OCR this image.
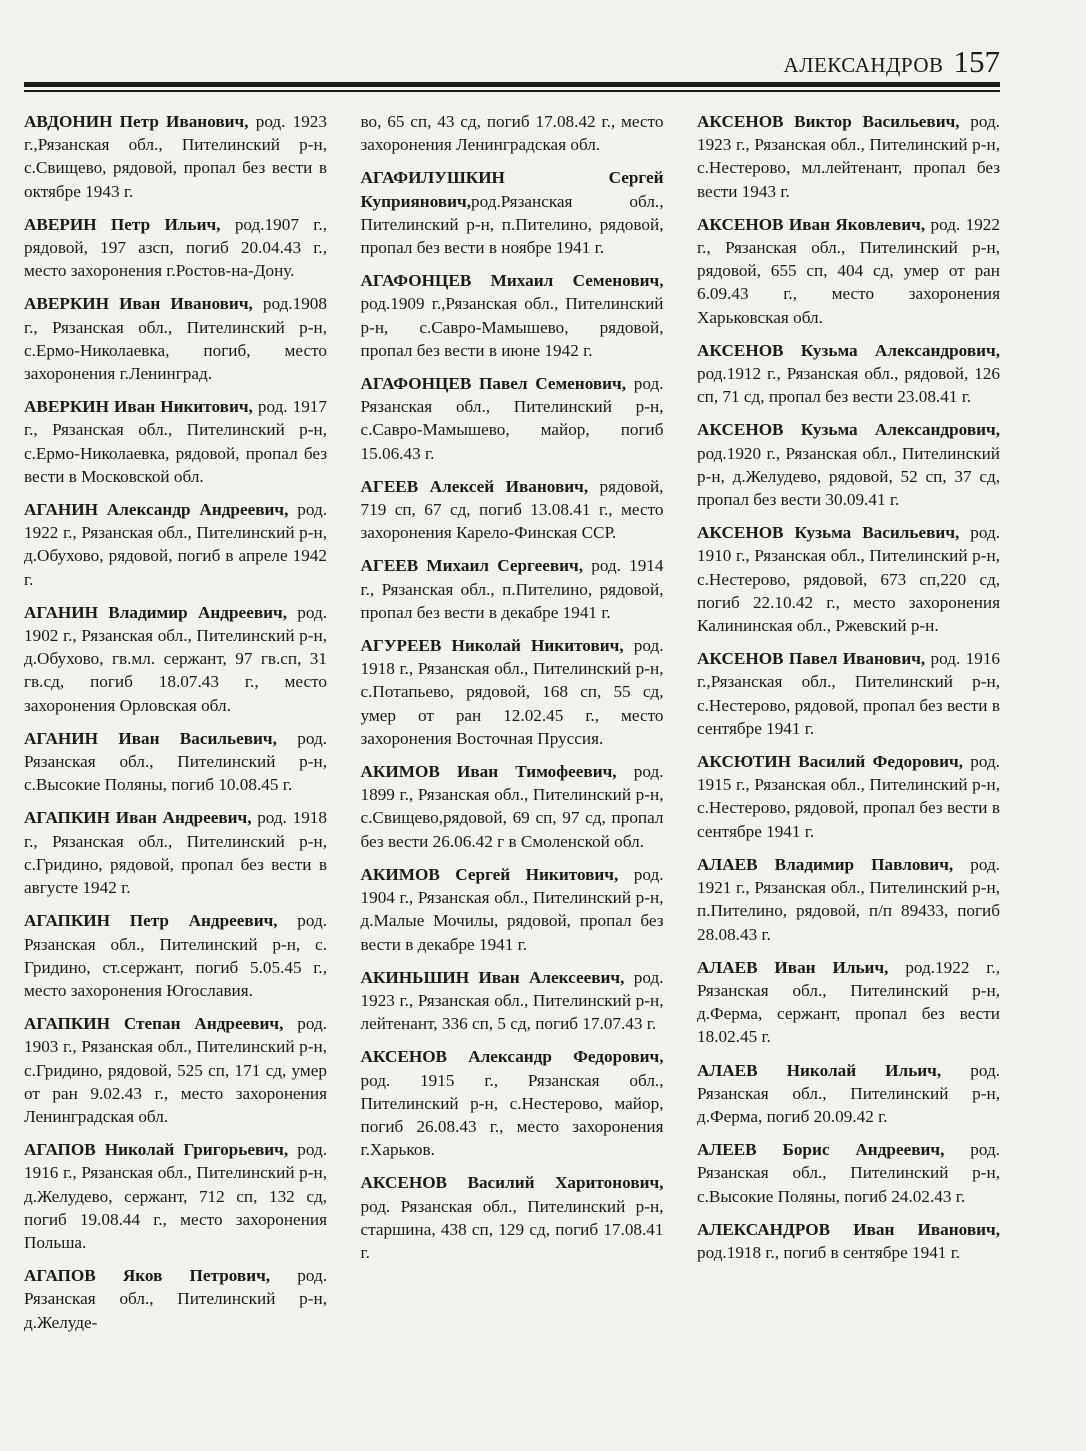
АЛЕКСАНДРОВ 157

АВДОНИН Петр Иванович, род. 1923 г.,Рязанская обл., Пителинский р-н, с.Свищево, рядовой, пропал без вести в октябре 1943 г.

АВЕРИН Петр Ильич, род.1907 г., рядовой, 197 азсп, погиб 20.04.43 г., место захоронения г.Ростов-на-Дону.

АВЕРКИН Иван Иванович, род.1908 г., Рязанская обл., Пителинский р-н, с.Ермо-Николаевка, погиб, место захоронения г.Ленинград.

АВЕРКИН Иван Никитович, род. 1917 г., Рязанская обл., Пителинский р-н, с.Ермо-Николаевка, рядовой, пропал без вести в Московской обл.

АГАНИН Александр Андреевич, род. 1922 г., Рязанская обл., Пителинский р-н, д.Обухово, рядовой, погиб в апреле 1942 г.

АГАНИН Владимир Андреевич, род. 1902 г., Рязанская обл., Пителинский р-н, д.Обухово, гв.мл. сержант, 97 гв.сп, 31 гв.сд, погиб 18.07.43 г., место захоронения Орловская обл.

АГАНИН Иван Васильевич, род. Рязанская обл., Пителинский р-н, с.Высокие Поляны, погиб 10.08.45 г.

АГАПКИН Иван Андреевич, род. 1918 г., Рязанская обл., Пителинский р-н, с.Гридино, рядовой, пропал без вести в августе 1942 г.

АГАПКИН Петр Андреевич, род. Рязанская обл., Пителинский р-н, с. Гридино, ст.сержант, погиб 5.05.45 г., место захоронения Югославия.

АГАПКИН Степан Андреевич, род. 1903 г., Рязанская обл., Пителинский р-н, с.Гридино, рядовой, 525 сп, 171 сд, умер от ран 9.02.43 г., место захоронения Ленинградская обл.

АГАПОВ Николай Григорьевич, род. 1916 г., Рязанская обл., Пителинский р-н, д.Желудево, сержант, 712 сп, 132 сд, погиб 19.08.44 г., место захоронения Польша.

АГАПОВ Яков Петрович, род. Рязанская обл., Пителинский р-н, д.Желуде-

во, 65 сп, 43 сд, погиб 17.08.42 г., место захоронения Ленинградская обл.

АГАФИЛУШКИН Сергей Куприянович,род.Рязанская обл., Пителинский р-н, п.Пителино, рядовой, пропал без вести в ноябре 1941 г.

АГАФОНЦЕВ Михаил Семенович, род.1909 г.,Рязанская обл., Пителинский р-н, с.Савро-Мамышево, рядовой, пропал без вести в июне 1942 г.

АГАФОНЦЕВ Павел Семенович, род. Рязанская обл., Пителинский р-н, с.Савро-Мамышево, майор, погиб 15.06.43 г.

АГЕЕВ Алексей Иванович, рядовой, 719 сп, 67 сд, погиб 13.08.41 г., место захоронения Карело-Финская ССР.

АГЕЕВ Михаил Сергеевич, род. 1914 г., Рязанская обл., п.Пителино, рядовой, пропал без вести в декабре 1941 г.

АГУРЕЕВ Николай Никитович, род. 1918 г., Рязанская обл., Пителинский р-н, с.Потапьево, рядовой, 168 сп, 55 сд, умер от ран 12.02.45 г., место захоронения Восточная Пруссия.

АКИМОВ Иван Тимофеевич, род. 1899 г., Рязанская обл., Пителинский р-н, с.Свищево,рядовой, 69 сп, 97 сд, пропал без вести 26.06.42 г в Смоленской обл.

АКИМОВ Сергей Никитович, род. 1904 г., Рязанская обл., Пителинский р-н, д.Малые Мочилы, рядовой, пропал без вести в декабре 1941 г.

АКИНЬШИН Иван Алексеевич, род. 1923 г., Рязанская обл., Пителинский р-н, лейтенант, 336 сп, 5 сд, погиб 17.07.43 г.

АКСЕНОВ Александр Федорович, род. 1915 г., Рязанская обл., Пителинский р-н, с.Нестерово, майор, погиб 26.08.43 г., место захоронения г.Харьков.

АКСЕНОВ Василий Харитонович, род. Рязанская обл., Пителинский р-н, старшина, 438 сп, 129 сд, погиб 17.08.41 г.

АКСЕНОВ Виктор Васильевич, род. 1923 г., Рязанская обл., Пителинский р-н, с.Нестерово, мл.лейтенант, пропал без вести 1943 г.

АКСЕНОВ Иван Яковлевич, род. 1922 г., Рязанская обл., Пителинский р-н, рядовой, 655 сп, 404 сд, умер от ран 6.09.43 г., место захоронения Харьковская обл.

АКСЕНОВ Кузьма Александрович, род.1912 г., Рязанская обл., рядовой, 126 сп, 71 сд, пропал без вести 23.08.41 г.

АКСЕНОВ Кузьма Александрович, род.1920 г., Рязанская обл., Пителинский р-н, д.Желудево, рядовой, 52 сп, 37 сд, пропал без вести 30.09.41 г.

АКСЕНОВ Кузьма Васильевич, род. 1910 г., Рязанская обл., Пителинский р-н, с.Нестерово, рядовой, 673 сп,220 сд, погиб 22.10.42 г., место захоронения Калининская обл., Ржевский р-н.

АКСЕНОВ Павел Иванович, род. 1916 г.,Рязанская обл., Пителинский р-н, с.Нестерово, рядовой, пропал без вести в сентябре 1941 г.

АКСЮТИН Василий Федорович, род. 1915 г., Рязанская обл., Пителинский р-н, с.Нестерово, рядовой, пропал без вести в сентябре 1941 г.

АЛАЕВ Владимир Павлович, род. 1921 г., Рязанская обл., Пителинский р-н, п.Пителино, рядовой, п/п 89433, погиб 28.08.43 г.

АЛАЕВ Иван Ильич, род.1922 г., Рязанская обл., Пителинский р-н, д.Ферма, сержант, пропал без вести 18.02.45 г.

АЛАЕВ Николай Ильич, род. Рязанская обл., Пителинский р-н, д.Ферма, погиб 20.09.42 г.

АЛЕЕВ Борис Андреевич, род. Рязанская обл., Пителинский р-н, с.Высокие Поляны, погиб 24.02.43 г.

АЛЕКСАНДРОВ Иван Иванович, род.1918 г., погиб в сентябре 1941 г.
